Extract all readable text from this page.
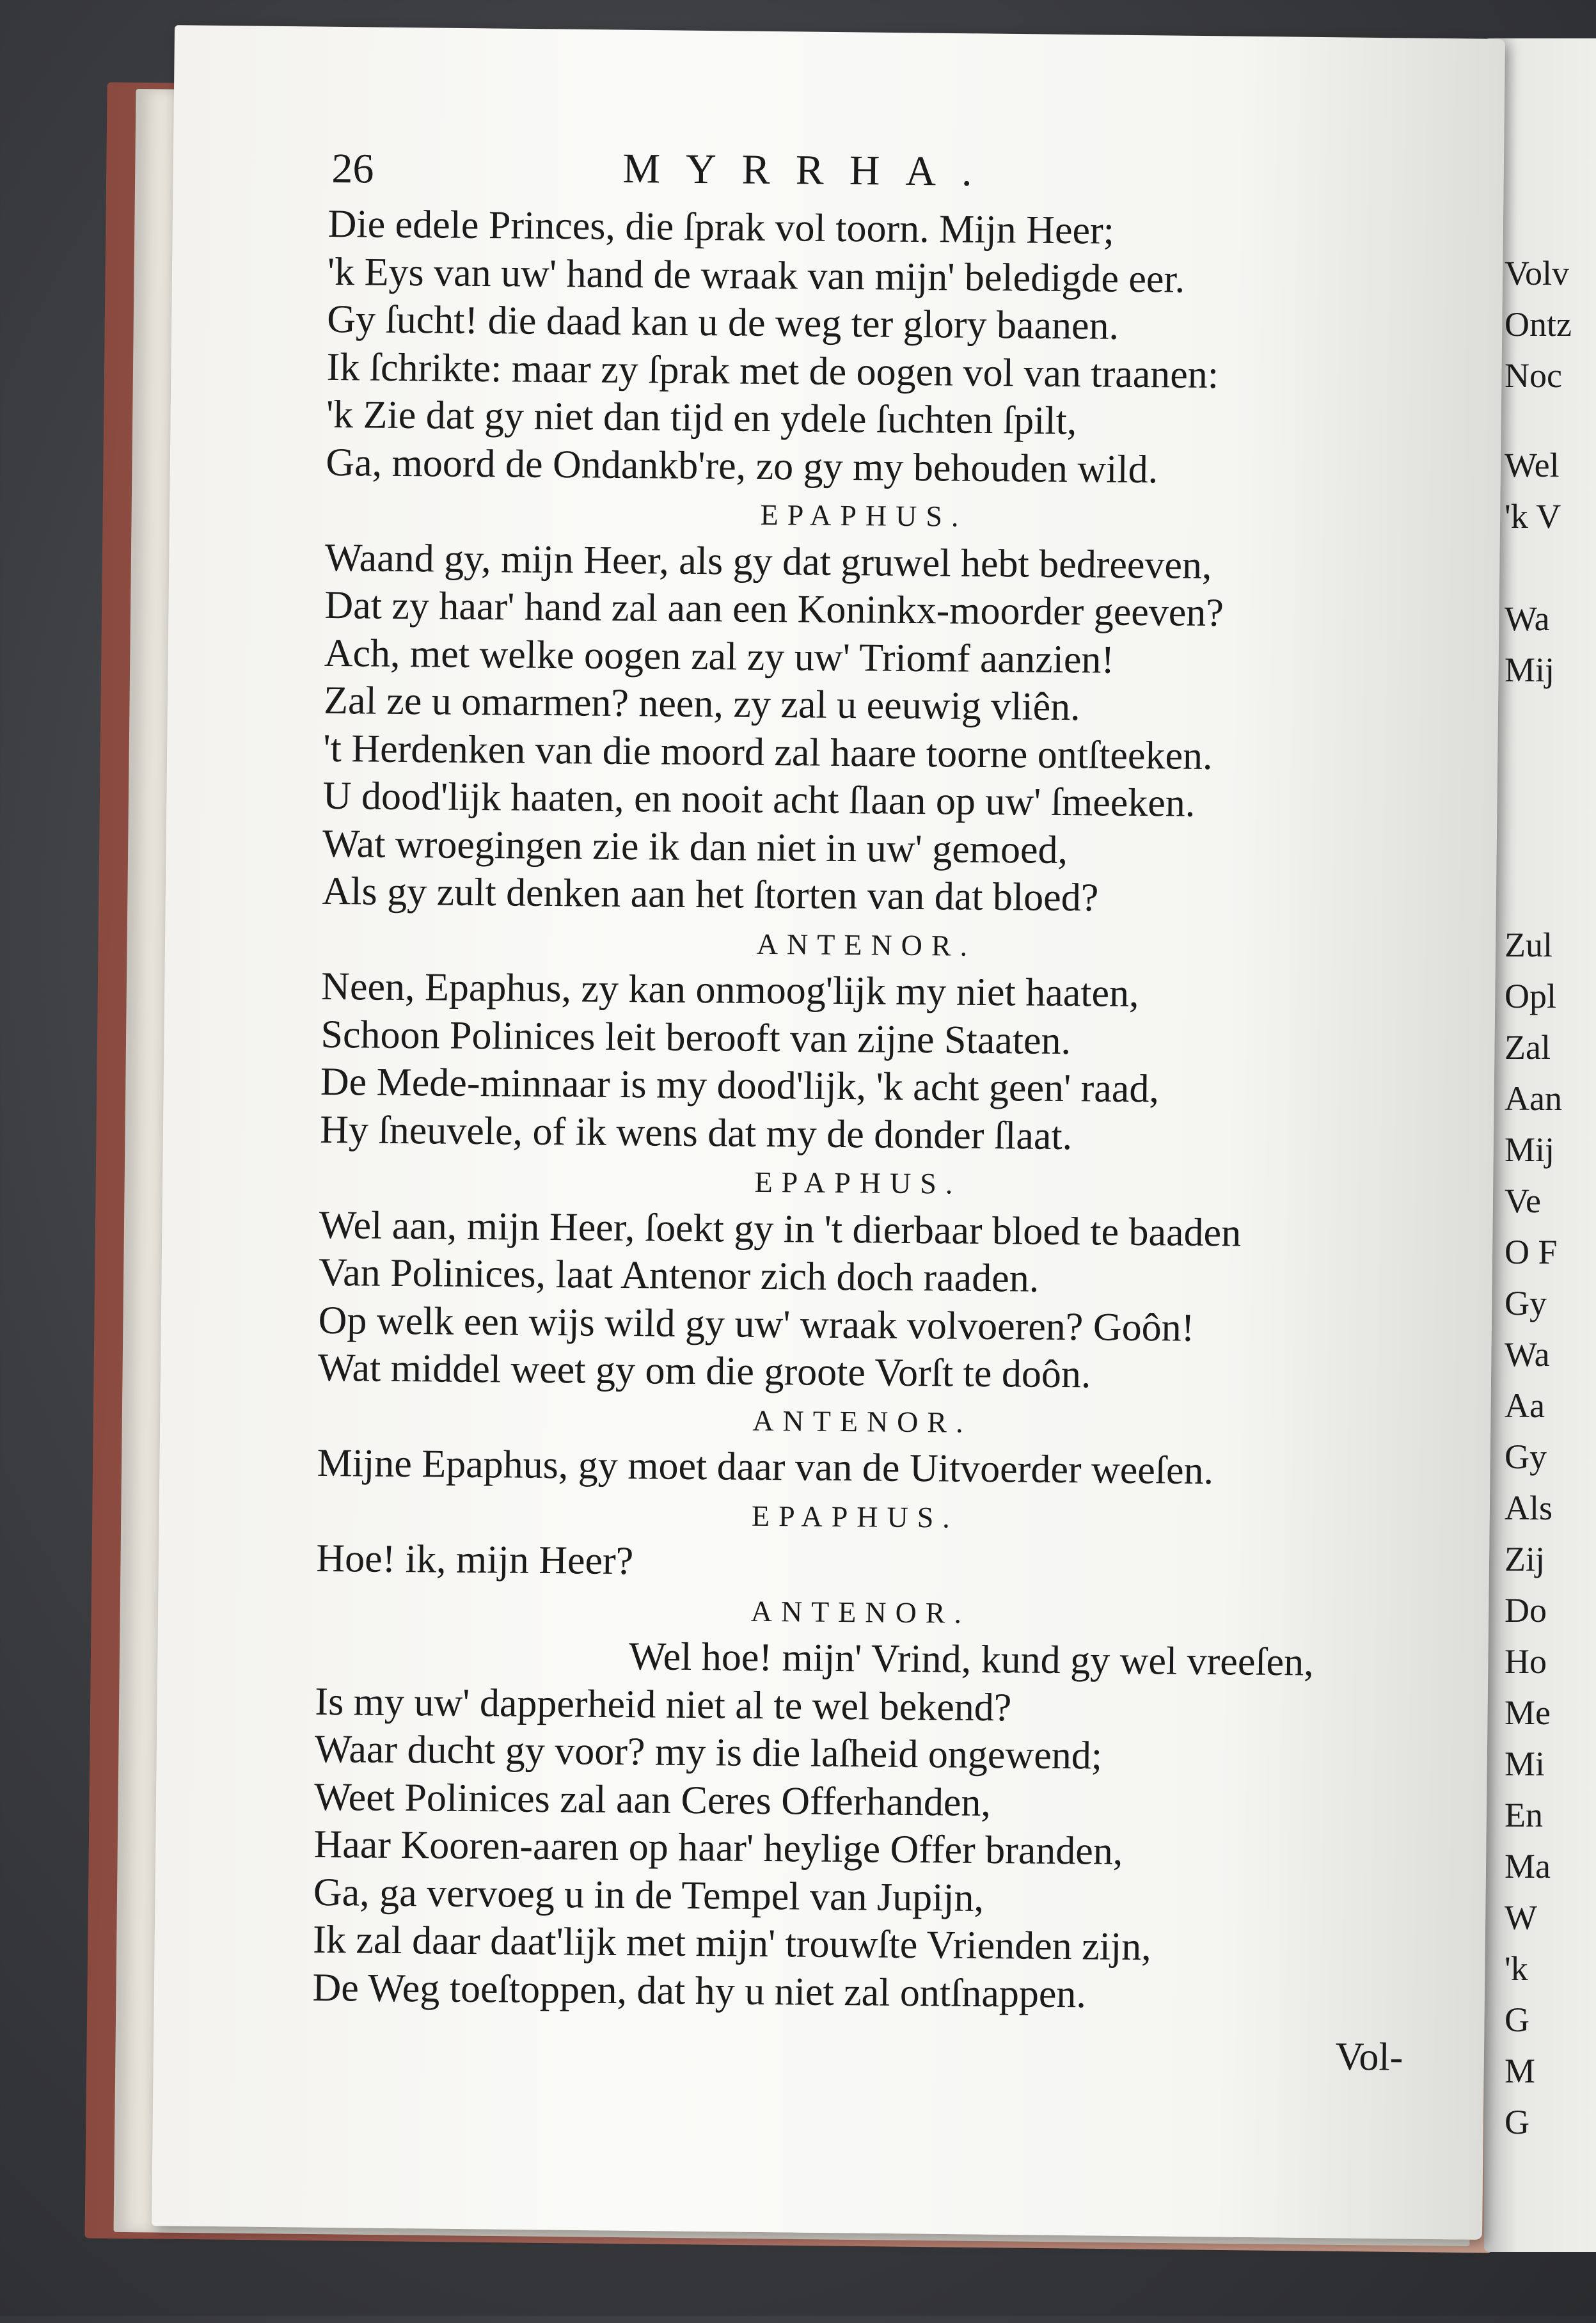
Volv
Ontz
Noc
Wel
'k V
Wa
Mij
Zul
Opl
Zal
Aan
Mij
Ve
O F
Gy
Wa
Aa
Gy
Als
Zij
Do
Ho
Me
Mi
En
Ma
W
'k
G
M
G
26	MYRRHA.
Die edele Princes, die ſprak vol toorn. Mijn Heer;
'k Eys van uw' hand de wraak van mijn' beledigde eer.
Gy ſucht! die daad kan u de weg ter glory baanen.
Ik ſchrikte: maar zy ſprak met de oogen vol van traanen:
'k Zie dat gy niet dan tijd en ydele ſuchten ſpilt,
Ga, moord de Ondankb're, zo gy my behouden wild.
EPAPHUS.
Waand gy, mijn Heer, als gy dat gruwel hebt bedreeven,
Dat zy haar' hand zal aan een Koninkx-moorder geeven?
Ach, met welke oogen zal zy uw' Triomf aanzien!
Zal ze u omarmen? neen, zy zal u eeuwig vliên.
't Herdenken van die moord zal haare toorne ontſteeken.
U dood'lijk haaten, en nooit acht ſlaan op uw' ſmeeken.
Wat wroegingen zie ik dan niet in uw' gemoed,
Als gy zult denken aan het ſtorten van dat bloed?
ANTENOR.
Neen, Epaphus, zy kan onmoog'lijk my niet haaten,
Schoon Polinices leit berooft van zijne Staaten.
De Mede-minnaar is my dood'lijk, 'k acht geen' raad,
Hy ſneuvele, of ik wens dat my de donder ſlaat.
EPAPHUS.
Wel aan, mijn Heer, ſoekt gy in 't dierbaar bloed te baaden
Van Polinices, laat Antenor zich doch raaden.
Op welk een wijs wild gy uw' wraak volvoeren? Goôn!
Wat middel weet gy om die groote Vorſt te doôn.
ANTENOR.
Mijne Epaphus, gy moet daar van de Uitvoerder weeſen.
EPAPHUS.
Hoe! ik, mijn Heer?
ANTENOR.
Wel hoe! mijn' Vrind, kund gy wel vreeſen,
Is my uw' dapperheid niet al te wel bekend?
Waar ducht gy voor? my is die laſheid ongewend;
Weet Polinices zal aan Ceres Offerhanden,
Haar Kooren-aaren op haar' heylige Offer branden,
Ga, ga vervoeg u in de Tempel van Jupijn,
Ik zal daar daat'lijk met mijn' trouwſte Vrienden zijn,
De Weg toeſtoppen, dat hy u niet zal ontſnappen.
Vol-
